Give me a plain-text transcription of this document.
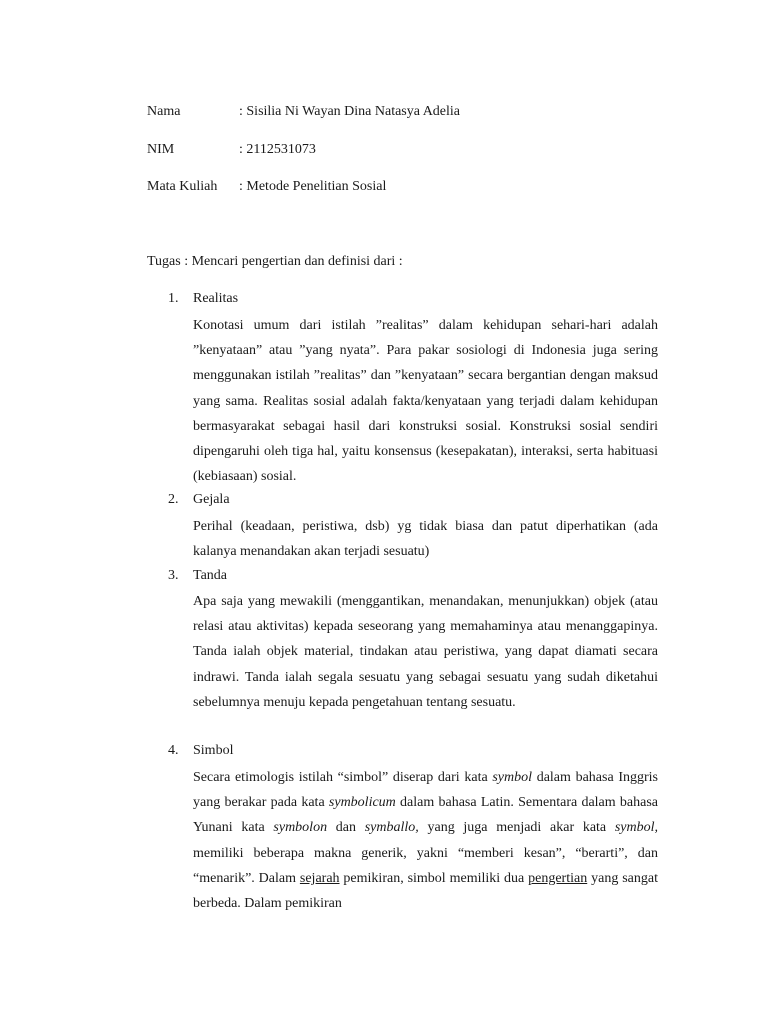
Nama	: Sisilia Ni Wayan Dina Natasya Adelia
NIM	: 2112531073
Mata Kuliah : Metode Penelitian Sosial
Tugas : Mencari pengertian dan definisi dari :
1. Realitas
Konotasi umum dari istilah ”realitas” dalam kehidupan sehari-hari adalah ”kenyataan” atau ”yang nyata”. Para pakar sosiologi di Indonesia juga sering menggunakan istilah ”realitas” dan ”kenyataan” secara bergantian dengan maksud yang sama. Realitas sosial adalah fakta/kenyataan yang terjadi dalam kehidupan bermasyarakat sebagai hasil dari konstruksi sosial. Konstruksi sosial sendiri dipengaruhi oleh tiga hal, yaitu konsensus (kesepakatan), interaksi, serta habituasi (kebiasaan) sosial.
2. Gejala
Perihal (keadaan, peristiwa, dsb) yg tidak biasa dan patut diperhatikan (ada kalanya menandakan akan terjadi sesuatu)
3. Tanda
Apa saja yang mewakili (menggantikan, menandakan, menunjukkan) objek (atau relasi atau aktivitas) kepada seseorang yang memahaminya atau menanggapinya. Tanda ialah objek material, tindakan atau peristiwa, yang dapat diamati secara indrawi. Tanda ialah segala sesuatu yang sebagai sesuatu yang sudah diketahui sebelumnya menuju kepada pengetahuan tentang sesuatu.
4. Simbol
Secara etimologis istilah “simbol” diserap dari kata symbol dalam bahasa Inggris yang berakar pada kata symbolicum dalam bahasa Latin. Sementara dalam bahasa Yunani kata symbolon dan symballo, yang juga menjadi akar kata symbol, memiliki beberapa makna generik, yakni “memberi kesan”, “berarti”, dan “menarik”. Dalam sejarah pemikiran, simbol memiliki dua pengertian yang sangat berbeda. Dalam pemikiran
